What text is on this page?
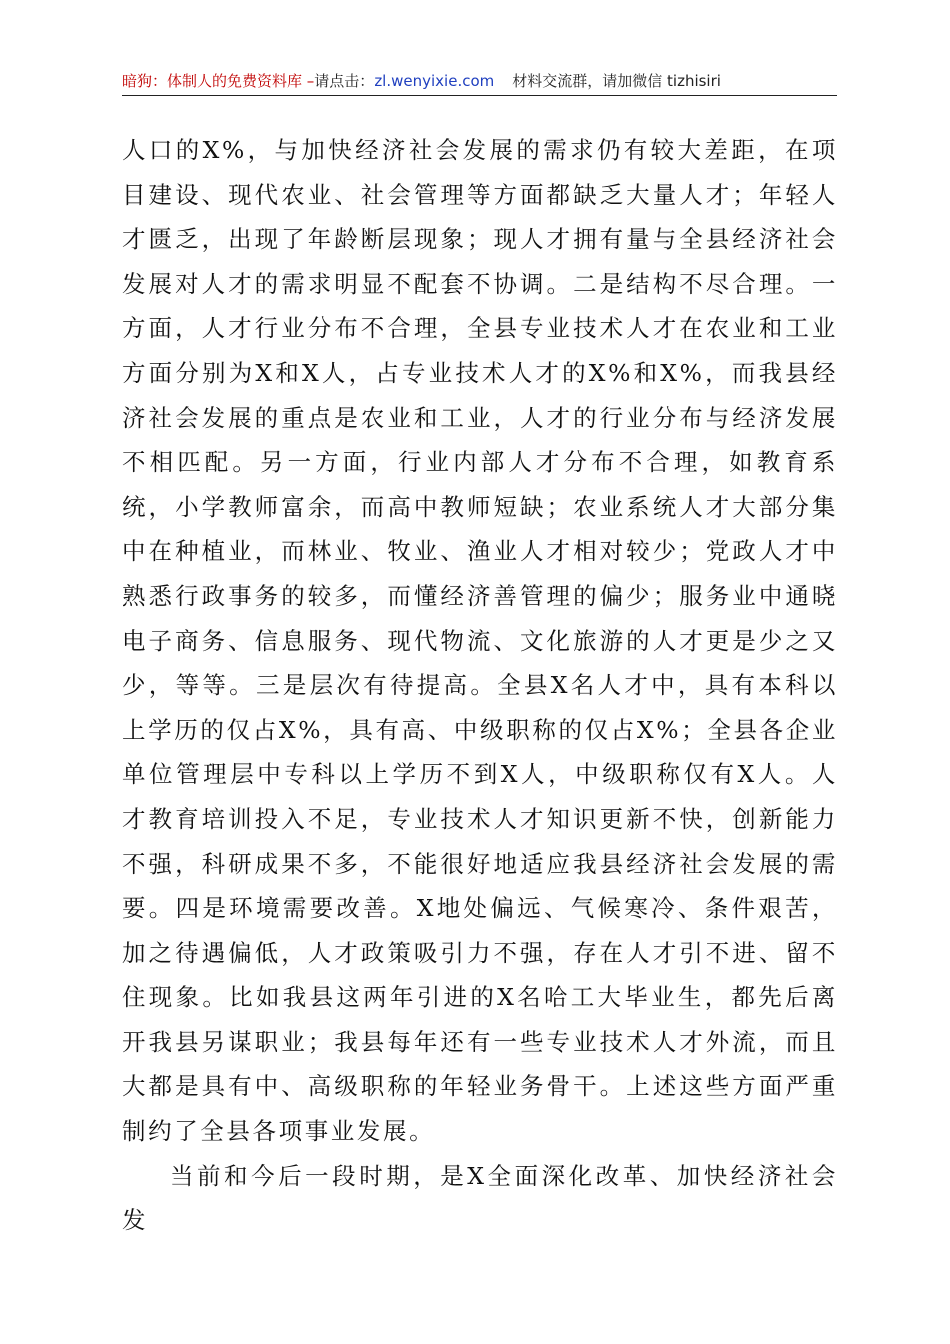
暗狗：体制人的免费资料库 –请点击：zl.wenyixie.com 材料交流群，请加微信 tizhisiri

人口的X%，与加快经济社会发展的需求仍有较大差距，在项目建设、现代农业、社会管理等方面都缺乏大量人才；年轻人才匮乏，出现了年龄断层现象；现人才拥有量与全县经济社会发展对人才的需求明显不配套不协调。二是结构不尽合理。一方面，人才行业分布不合理，全县专业技术人才在农业和工业方面分别为X和X人，占专业技术人才的X%和X%，而我县经济社会发展的重点是农业和工业，人才的行业分布与经济发展不相匹配。另一方面，行业内部人才分布不合理，如教育系统，小学教师富余，而高中教师短缺；农业系统人才大部分集中在种植业，而林业、牧业、渔业人才相对较少；党政人才中熟悉行政事务的较多，而懂经济善管理的偏少；服务业中通晓电子商务、信息服务、现代物流、文化旅游的人才更是少之又少，等等。三是层次有待提高。全县X名人才中，具有本科以上学历的仅占X%，具有高、中级职称的仅占X%；全县各企业单位管理层中专科以上学历不到X人，中级职称仅有X人。人才教育培训投入不足，专业技术人才知识更新不快，创新能力不强，科研成果不多，不能很好地适应我县经济社会发展的需要。四是环境需要改善。X地处偏远、气候寒冷、条件艰苦，加之待遇偏低，人才政策吸引力不强，存在人才引不进、留不住现象。比如我县这两年引进的X名哈工大毕业生，都先后离开我县另谋职业；我县每年还有一些专业技术人才外流，而且大都是具有中、高级职称的年轻业务骨干。上述这些方面严重制约了全县各项事业发展。

当前和今后一段时期，是X全面深化改革、加快经济社会发
